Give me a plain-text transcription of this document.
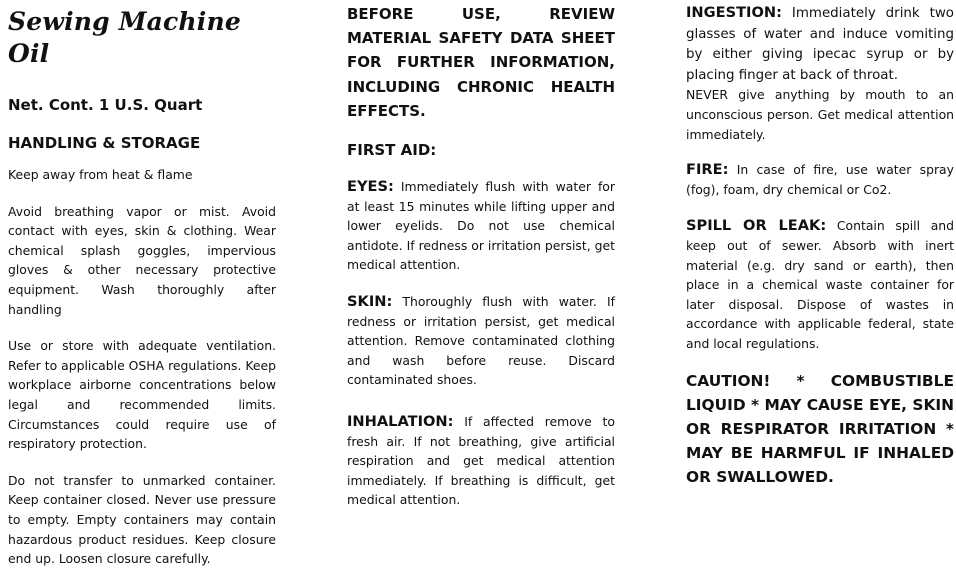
Sewing Machine Oil
Net. Cont. 1 U.S. Quart
HANDLING & STORAGE

Keep away from heat & flame

Avoid breathing vapor or mist. Avoid contact with eyes, skin & clothing. Wear chemical splash goggles, impervious gloves & other necessary protective equipment. Wash thoroughly after handling

Use or store with adequate ventilation. Refer to applicable OSHA regulations. Keep workplace airborne concentrations below legal and recommended limits. Circumstances could require use of respiratory protection.

Do not transfer to unmarked container. Keep container closed. Never use pressure to empty. Empty containers may contain hazardous product residues. Keep closure end up. Loosen closure carefully.

BEFORE USE, REVIEW MATERIAL SAFETY DATA SHEET FOR FURTHER INFORMATION, INCLUDING CHRONIC HEALTH EFFECTS.

FIRST AID:

EYES: Immediately flush with water for at least 15 minutes while lifting upper and lower eyelids. Do not use chemical antidote. If redness or irritation persist, get medical attention.

SKIN: Thoroughly flush with water. If redness or irritation persist, get medical attention. Remove contaminated clothing and wash before reuse. Discard contaminated shoes.

INHALATION: If affected remove to fresh air. If not breathing, give artificial respiration and get medical attention immediately. If breathing is difficult, get medical attention.

INGESTION: Immediately drink two glasses of water and induce vomiting by either giving ipecac syrup or by placing finger at back of throat.

NEVER give anything by mouth to an unconscious person. Get medical attention immediately.

FIRE: In case of fire, use water spray (fog), foam, dry chemical or Co2.

SPILL OR LEAK: Contain spill and keep out of sewer. Absorb with inert material (e.g. dry sand or earth), then place in a chemical waste container for later disposal. Dispose of wastes in accordance with applicable federal, state and local regulations.

CAUTION! * COMBUSTIBLE LIQUID * MAY CAUSE EYE, SKIN OR RESPIRATOR IRRITATION * MAY BE HARMFUL IF INHALED OR SWALLOWED.
